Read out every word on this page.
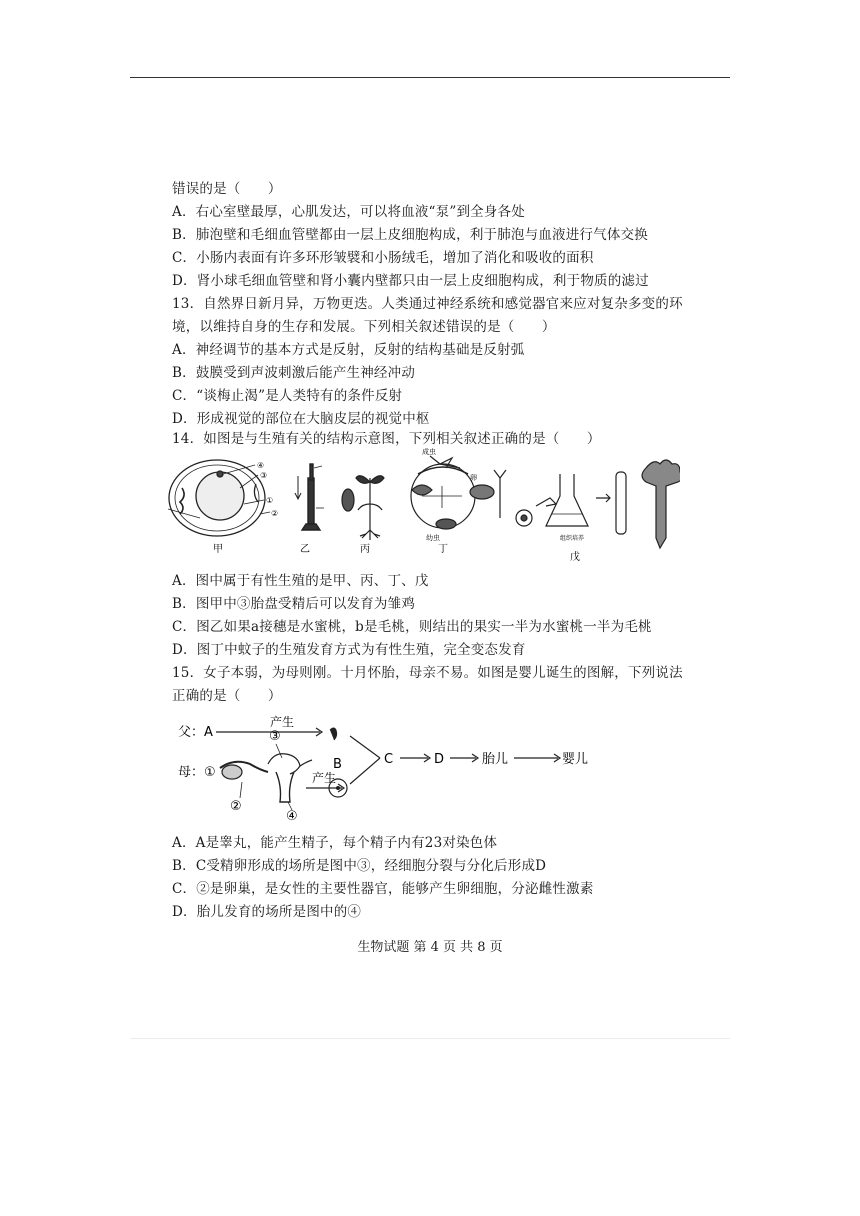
错误的是（　　）
A．右心室壁最厚，心肌发达，可以将血液“泵”到全身各处
B．肺泡壁和毛细血管壁都由一层上皮细胞构成，利于肺泡与血液进行气体交换
C．小肠内表面有许多环形皱襞和小肠绒毛，增加了消化和吸收的面积
D．肾小球毛细血管壁和肾小囊内壁都只由一层上皮细胞构成，利于物质的滤过
13．自然界日新月异，万物更迭。人类通过神经系统和感觉器官来应对复杂多变的环
境，以维持自身的生存和发展。下列相关叙述错误的是（　　）
A．神经调节的基本方式是反射，反射的结构基础是反射弧
B．鼓膜受到声波刺激后能产生神经冲动
C．“谈梅止渴”是人类特有的条件反射
D．形成视觉的部位在大脑皮层的视觉中枢
14．如图是与生殖有关的结构示意图，下列相关叙述正确的是（　　）
④
③
①
②
甲	乙	丙
成虫
卵
幼虫
丁
组织培养
戊
A．图中属于有性生殖的是甲、丙、丁、戊
B．图甲中③胎盘受精后可以发育为雏鸡
C．图乙如果a接穗是水蜜桃，b是毛桃，则结出的果实一半为水蜜桃一半为毛桃
D．图丁中蚊子的生殖发育方式为有性生殖，完全变态发育
15．女子本弱，为母则刚。十月怀胎，母亲不易。如图是婴儿诞生的图解，下列说法
正确的是（　　）
父：A
产生
母： ①
③
②
④
产生
B	C	D	胎儿	婴儿
A．A是睾丸，能产生精子，每个精子内有23对染色体
B．C受精卵形成的场所是图中③，经细胞分裂与分化后形成D
C．②是卵巢，是女性的主要性器官，能够产生卵细胞，分泌雌性激素
D．胎儿发育的场所是图中的④
生物试题 第 4 页 共 8 页
